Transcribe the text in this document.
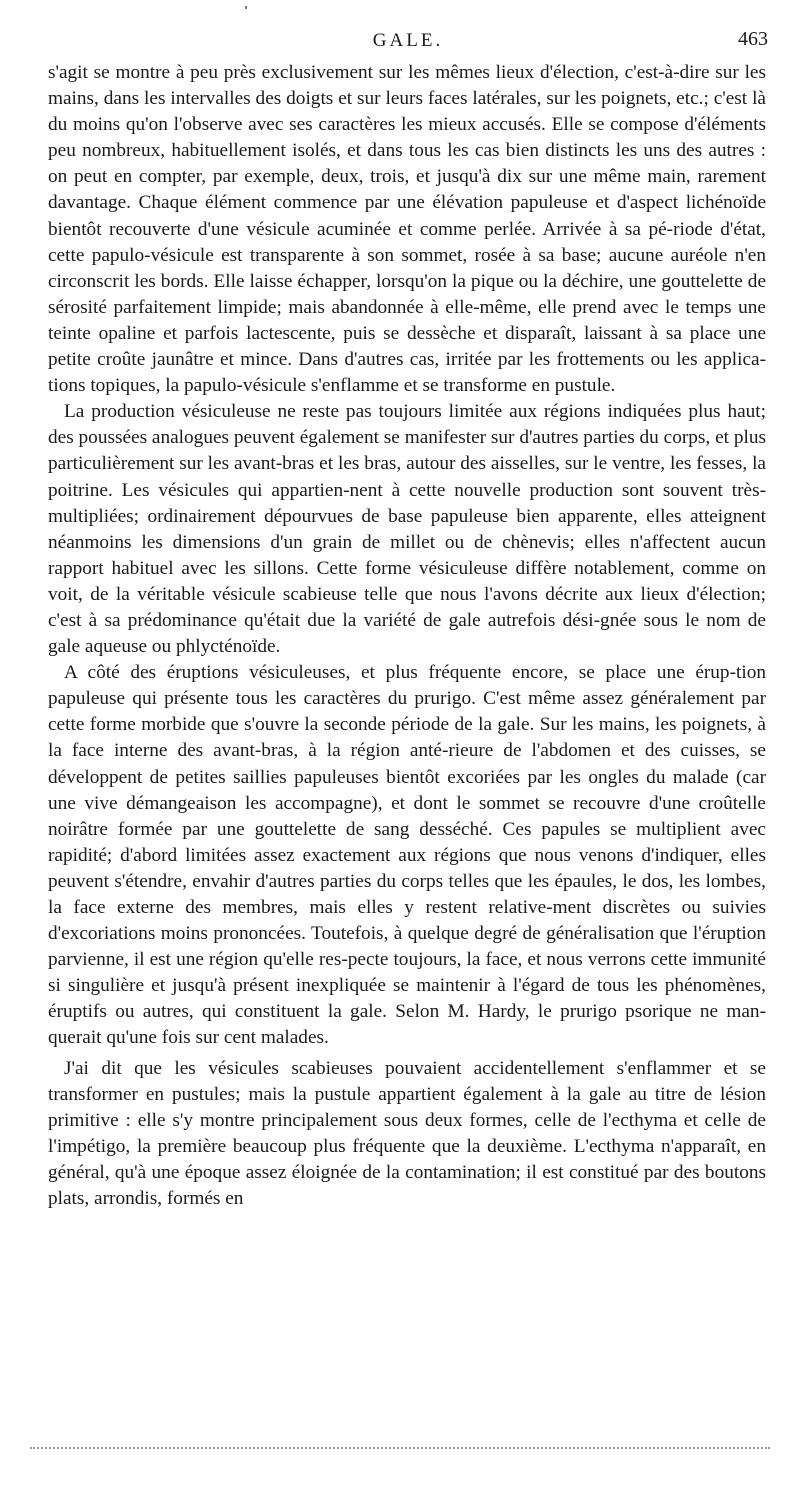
GALE.	463

s'agit se montre à peu près exclusivement sur les mêmes lieux d'élection, c'est-à-dire sur les mains, dans les intervalles des doigts et sur leurs faces latérales, sur les poignets, etc.; c'est là du moins qu'on l'observe avec ses caractères les mieux accusés. Elle se compose d'éléments peu nombreux, habituellement isolés, et dans tous les cas bien distincts les uns des autres : on peut en compter, par exemple, deux, trois, et jusqu'à dix sur une même main, rarement davantage. Chaque élément commence par une élévation papuleuse et d'aspect lichénoïde bientôt recouverte d'une vésicule acuminée et comme perlée. Arrivée à sa pé-riode d'état, cette papulo-vésicule est transparente à son sommet, rosée à sa base; aucune auréole n'en circonscrit les bords. Elle laisse échapper, lorsqu'on la pique ou la déchire, une gouttelette de sérosité parfaitement limpide; mais abandonnée à elle-même, elle prend avec le temps une teinte opaline et parfois lactescente, puis se dessèche et disparaît, laissant à sa place une petite croûte jaunâtre et mince. Dans d'autres cas, irritée par les frottements ou les applica-tions topiques, la papulo-vésicule s'enflamme et se transforme en pustule.

La production vésiculeuse ne reste pas toujours limitée aux régions indiquées plus haut; des poussées analogues peuvent également se manifester sur d'autres parties du corps, et plus particulièrement sur les avant-bras et les bras, autour des aisselles, sur le ventre, les fesses, la poitrine. Les vésicules qui appartien-nent à cette nouvelle production sont souvent très-multipliées; ordinairement dépourvues de base papuleuse bien apparente, elles atteignent néanmoins les dimensions d'un grain de millet ou de chènevis; elles n'affectent aucun rapport habituel avec les sillons. Cette forme vésiculeuse diffère notablement, comme on voit, de la véritable vésicule scabieuse telle que nous l'avons décrite aux lieux d'élection; c'est à sa prédominance qu'était due la variété de gale autrefois dési-gnée sous le nom de gale aqueuse ou phlycténoïde.

A côté des éruptions vésiculeuses, et plus fréquente encore, se place une érup-tion papuleuse qui présente tous les caractères du prurigo. C'est même assez généralement par cette forme morbide que s'ouvre la seconde période de la gale. Sur les mains, les poignets, à la face interne des avant-bras, à la région anté-rieure de l'abdomen et des cuisses, se développent de petites saillies papuleuses bientôt excoriées par les ongles du malade (car une vive démangeaison les accompagne), et dont le sommet se recouvre d'une croûtelle noirâtre formée par une gouttelette de sang desséché. Ces papules se multiplient avec rapidité; d'abord limitées assez exactement aux régions que nous venons d'indiquer, elles peuvent s'étendre, envahir d'autres parties du corps telles que les épaules, le dos, les lombes, la face externe des membres, mais elles y restent relative-ment discrètes ou suivies d'excoriations moins prononcées. Toutefois, à quelque degré de généralisation que l'éruption parvienne, il est une région qu'elle res-pecte toujours, la face, et nous verrons cette immunité si singulière et jusqu'à présent inexpliquée se maintenir à l'égard de tous les phénomènes, éruptifs ou autres, qui constituent la gale. Selon M. Hardy, le prurigo psorique ne man-querait qu'une fois sur cent malades.

J'ai dit que les vésicules scabieuses pouvaient accidentellement s'enflammer et se transformer en pustules; mais la pustule appartient également à la gale au titre de lésion primitive : elle s'y montre principalement sous deux formes, celle de l'ecthyma et celle de l'impétigo, la première beaucoup plus fréquente que la deuxième. L'ecthyma n'apparaît, en général, qu'à une époque assez éloignée de la contamination; il est constitué par des boutons plats, arrondis, formés en
